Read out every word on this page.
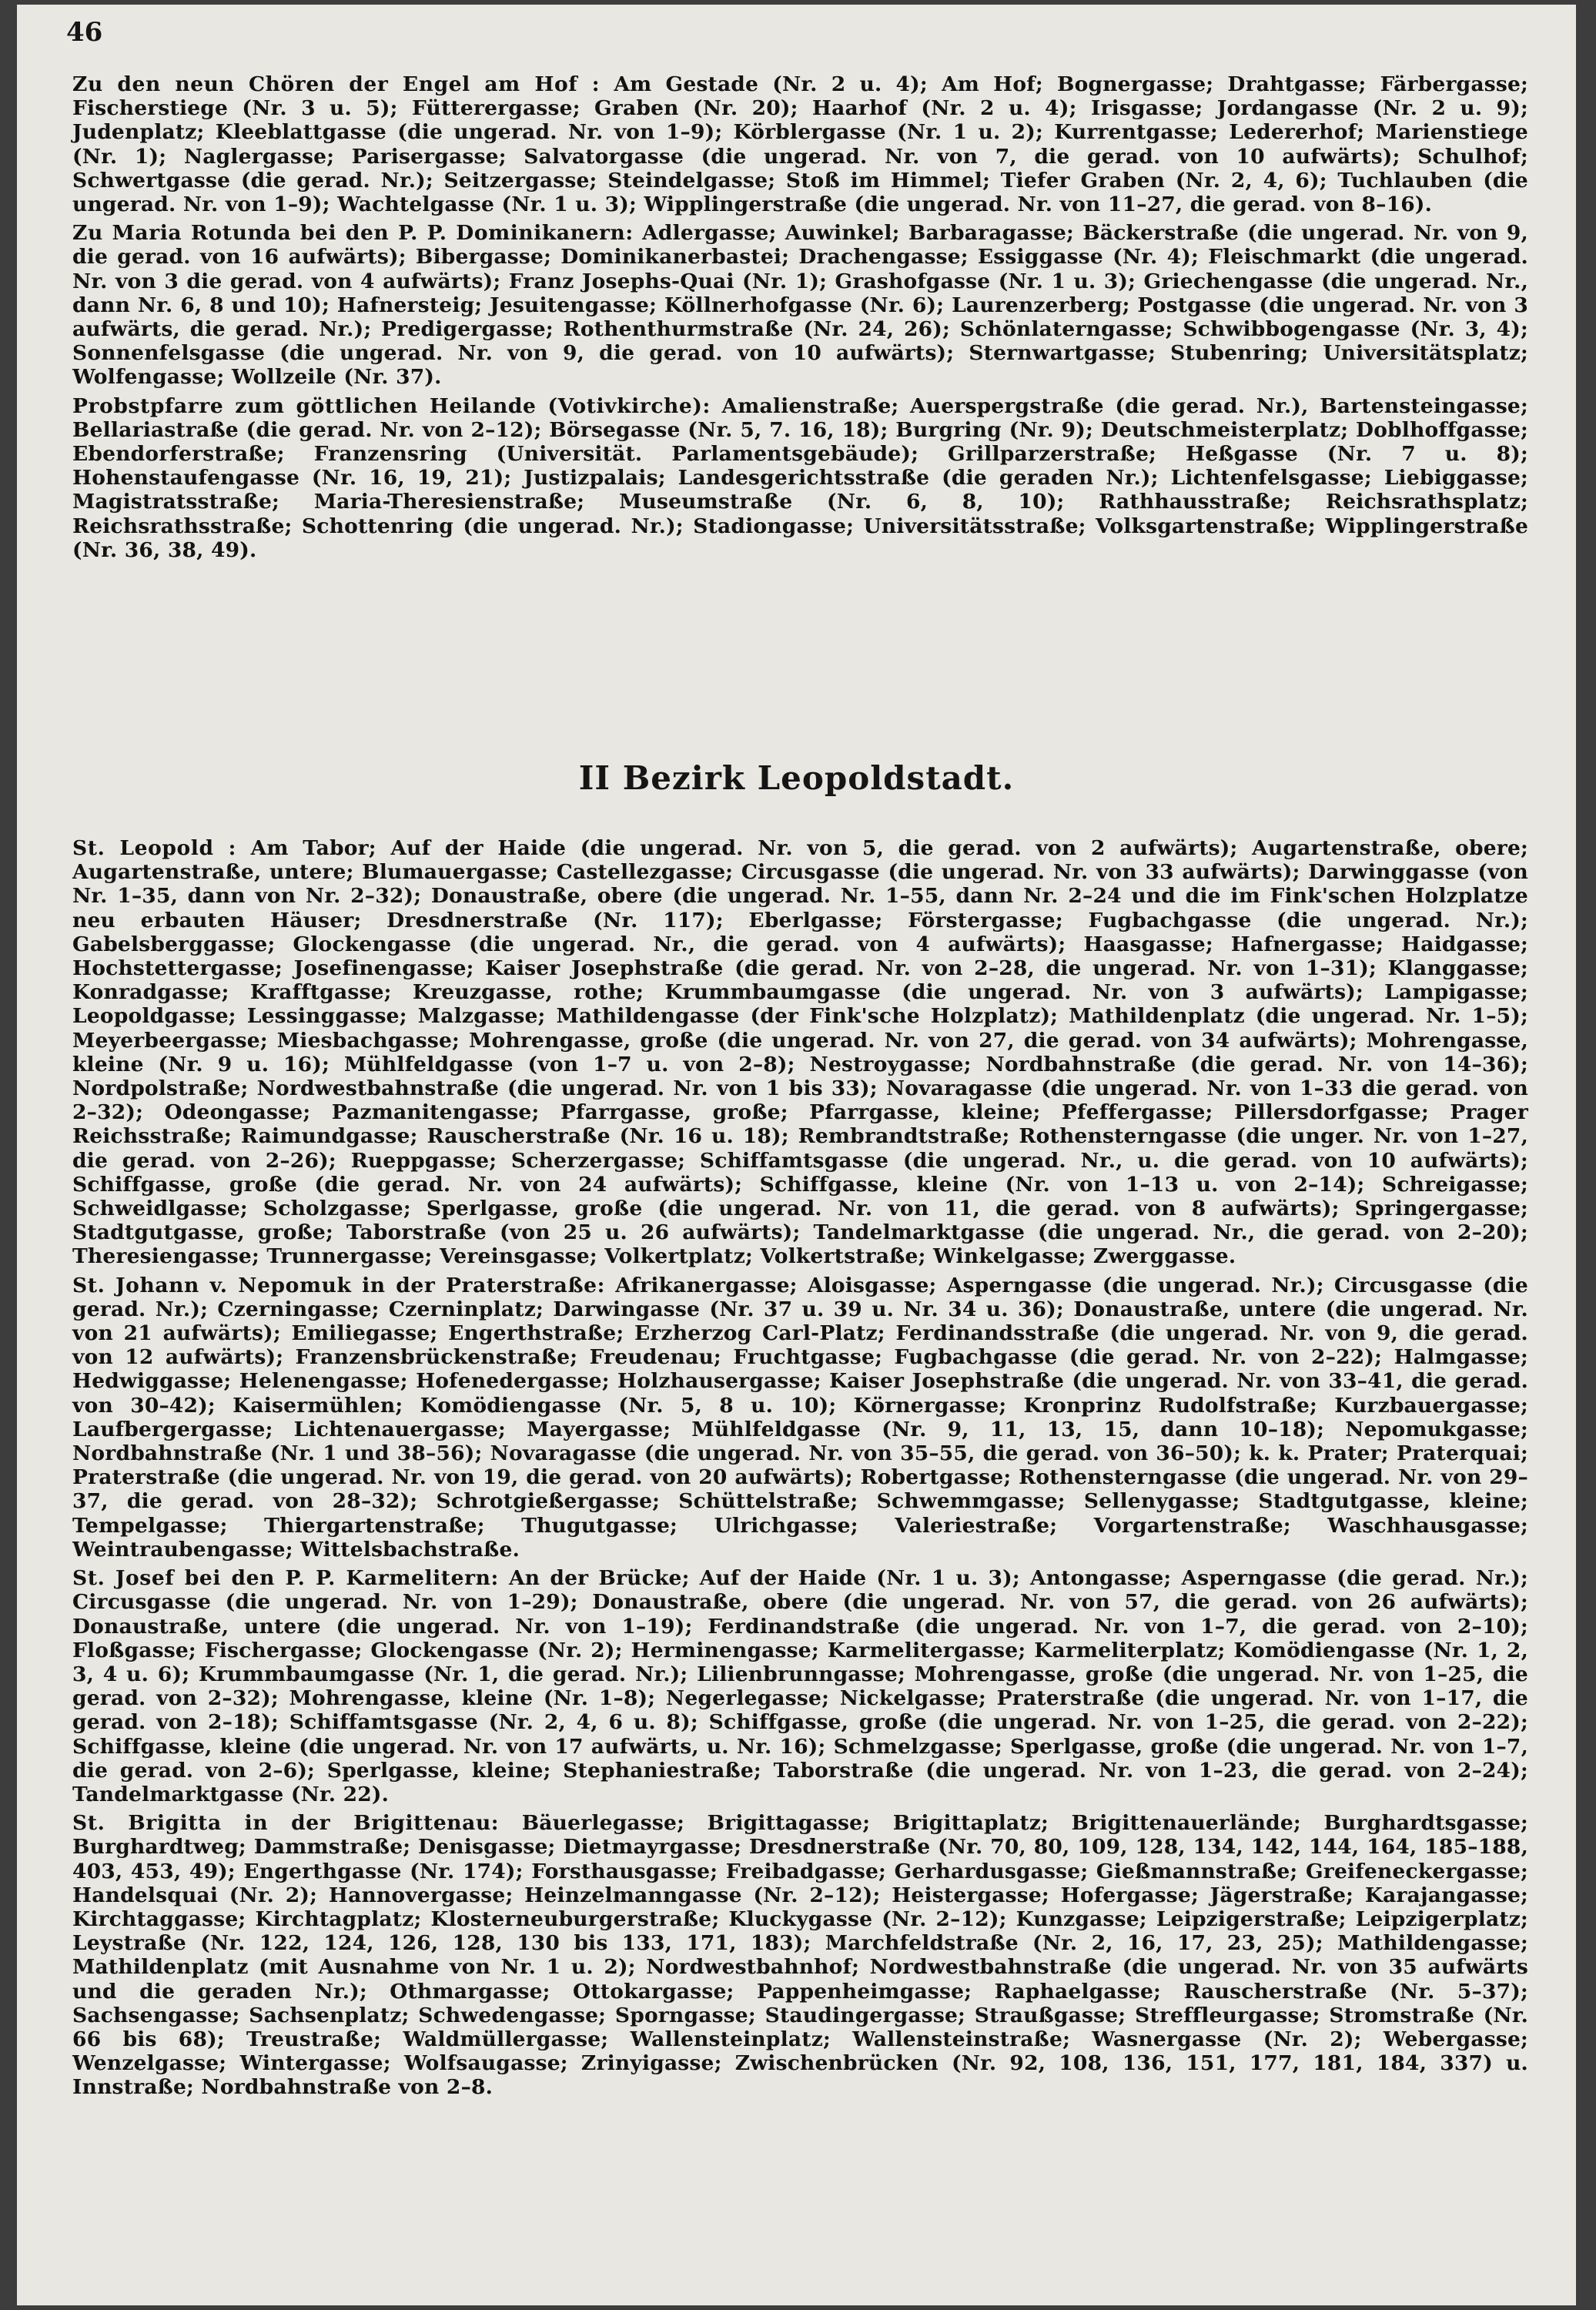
46

Zu den neun Chören der Engel am Hof : Am Gestade (Nr. 2 u. 4); Am Hof; Bognergasse; Drahtgasse; Färbergasse; Fischerstiege (Nr. 3 u. 5); Fütterergasse; Graben (Nr. 20); Haarhof (Nr. 2 u. 4); Irisgasse; Jordangasse (Nr. 2 u. 9); Judenplatz; Kleeblattgasse (die ungerad. Nr. von 1–9); Körblergasse (Nr. 1 u. 2); Kurrentgasse; Ledererhof; Marienstiege (Nr. 1); Naglergasse; Parisergasse; Salvatorgasse (die ungerad. Nr. von 7, die gerad. von 10 aufwärts); Schulhof; Schwertgasse (die gerad. Nr.); Seitzergasse; Steindelgasse; Stoß im Himmel; Tiefer Graben (Nr. 2, 4, 6); Tuchlauben (die ungerad. Nr. von 1–9); Wachtelgasse (Nr. 1 u. 3); Wipplingerstraße (die ungerad. Nr. von 11–27, die gerad. von 8–16).

Zu Maria Rotunda bei den P. P. Dominikanern: Adlergasse; Auwinkel; Barbaragasse; Bäckerstraße (die ungerad. Nr. von 9, die gerad. von 16 aufwärts); Bibergasse; Dominikanerbastei; Drachengasse; Essiggasse (Nr. 4); Fleischmarkt (die ungerad. Nr. von 3 die gerad. von 4 aufwärts); Franz Josephs-Quai (Nr. 1); Grashofgasse (Nr. 1 u. 3); Griechengasse (die ungerad. Nr., dann Nr. 6, 8 und 10); Hafnersteig; Jesuitengasse; Köllnerhofgasse (Nr. 6); Laurenzerberg; Postgasse (die ungerad. Nr. von 3 aufwärts, die gerad. Nr.); Predigergasse; Rothenthurmstraße (Nr. 24, 26); Schönlaterngasse; Schwibbogengasse (Nr. 3, 4); Sonnenfelsgasse (die ungerad. Nr. von 9, die gerad. von 10 aufwärts); Sternwartgasse; Stubenring; Universitätsplatz; Wolfengasse; Wollzeile (Nr. 37).

Probstpfarre zum göttlichen Heilande (Votivkirche): Amalienstraße; Auerspergstraße (die gerad. Nr.), Bartensteingasse; Bellariastraße (die gerad. Nr. von 2–12); Börsegasse (Nr. 5, 7. 16, 18); Burgring (Nr. 9); Deutschmeisterplatz; Doblhoffgasse; Ebendorferstraße; Franzensring (Universität. Parlamentsgebäude); Grillparzerstraße; Heßgasse (Nr. 7 u. 8); Hohenstaufengasse (Nr. 16, 19, 21); Justizpalais; Landesgerichtsstraße (die geraden Nr.); Lichtenfelsgasse; Liebiggasse; Magistratsstraße; Maria-Theresienstraße; Museumstraße (Nr. 6, 8, 10); Rathhausstraße; Reichsrathsplatz; Reichsrathsstraße; Schottenring (die ungerad. Nr.); Stadiongasse; Universitätsstraße; Volksgartenstraße; Wipplingerstraße (Nr. 36, 38, 49).

II Bezirk Leopoldstadt.

St. Leopold : Am Tabor; Auf der Haide (die ungerad. Nr. von 5, die gerad. von 2 aufwärts); Augartenstraße, obere; Augartenstraße, untere; Blumauergasse; Castellezgasse; Circusgasse (die ungerad. Nr. von 33 aufwärts); Darwinggasse (von Nr. 1–35, dann von Nr. 2–32); Donaustraße, obere (die ungerad. Nr. 1–55, dann Nr. 2–24 und die im Fink'schen Holzplatze neu erbauten Häuser; Dresdnerstraße (Nr. 117); Eberlgasse; Förstergasse; Fugbachgasse (die ungerad. Nr.); Gabelsberggasse; Glockengasse (die ungerad. Nr., die gerad. von 4 aufwärts); Haasgasse; Hafnergasse; Haidgasse; Hochstettergasse; Josefinengasse; Kaiser Josephstraße (die gerad. Nr. von 2–28, die ungerad. Nr. von 1–31); Klanggasse; Konradgasse; Krafftgasse; Kreuzgasse, rothe; Krummbaumgasse (die ungerad. Nr. von 3 aufwärts); Lampigasse; Leopoldgasse; Lessinggasse; Malzgasse; Mathildengasse (der Fink'sche Holzplatz); Mathildenplatz (die ungerad. Nr. 1–5); Meyerbeergasse; Miesbachgasse; Mohrengasse, große (die ungerad. Nr. von 27, die gerad. von 34 aufwärts); Mohrengasse, kleine (Nr. 9 u. 16); Mühlfeldgasse (von 1–7 u. von 2–8); Nestroygasse; Nordbahnstraße (die gerad. Nr. von 14–36); Nordpolstraße; Nordwestbahnstraße (die ungerad. Nr. von 1 bis 33); Novaragasse (die ungerad. Nr. von 1–33 die gerad. von 2–32); Odeongasse; Pazmanitengasse; Pfarrgasse, große; Pfarrgasse, kleine; Pfeffergasse; Pillersdorfgasse; Prager Reichsstraße; Raimundgasse; Rauscherstraße (Nr. 16 u. 18); Rembrandtstraße; Rothensterngasse (die unger. Nr. von 1–27, die gerad. von 2–26); Rueppgasse; Scherzergasse; Schiffamtsgasse (die ungerad. Nr., u. die gerad. von 10 aufwärts); Schiffgasse, große (die gerad. Nr. von 24 aufwärts); Schiffgasse, kleine (Nr. von 1–13 u. von 2–14); Schreigasse; Schweidlgasse; Scholzgasse; Sperlgasse, große (die ungerad. Nr. von 11, die gerad. von 8 aufwärts); Springergasse; Stadtgutgasse, große; Taborstraße (von 25 u. 26 aufwärts); Tandelmarktgasse (die ungerad. Nr., die gerad. von 2–20); Theresiengasse; Trunnergasse; Vereinsgasse; Volkertplatz; Volkertstraße; Winkelgasse; Zwerggasse.

St. Johann v. Nepomuk in der Praterstraße: Afrikanergasse; Aloisgasse; Asperngasse (die ungerad. Nr.); Circusgasse (die gerad. Nr.); Czerningasse; Czerninplatz; Darwingasse (Nr. 37 u. 39 u. Nr. 34 u. 36); Donaustraße, untere (die ungerad. Nr. von 21 aufwärts); Emiliegasse; Engerthstraße; Erzherzog Carl-Platz; Ferdinandsstraße (die ungerad. Nr. von 9, die gerad. von 12 aufwärts); Franzensbrückenstraße; Freudenau; Fruchtgasse; Fugbachgasse (die gerad. Nr. von 2–22); Halmgasse; Hedwiggasse; Helenengasse; Hofenedergasse; Holzhausergasse; Kaiser Josephstraße (die ungerad. Nr. von 33–41, die gerad. von 30–42); Kaisermühlen; Komödiengasse (Nr. 5, 8 u. 10); Körnergasse; Kronprinz Rudolfstraße; Kurzbauergasse; Laufbergergasse; Lichtenauergasse; Mayergasse; Mühlfeldgasse (Nr. 9, 11, 13, 15, dann 10–18); Nepomukgasse; Nordbahnstraße (Nr. 1 und 38–56); Novaragasse (die ungerad. Nr. von 35–55, die gerad. von 36–50); k. k. Prater; Praterquai; Praterstraße (die ungerad. Nr. von 19, die gerad. von 20 aufwärts); Robertgasse; Rothensterngasse (die ungerad. Nr. von 29–37, die gerad. von 28–32); Schrotgießergasse; Schüttelstraße; Schwemmgasse; Sellenygasse; Stadtgutgasse, kleine; Tempelgasse; Thiergartenstraße; Thugutgasse; Ulrichgasse; Valeriestraße; Vorgartenstraße; Waschhausgasse; Weintraubengasse; Wittelsbachstraße.

St. Josef bei den P. P. Karmelitern: An der Brücke; Auf der Haide (Nr. 1 u. 3); Antongasse; Asperngasse (die gerad. Nr.); Circusgasse (die ungerad. Nr. von 1–29); Donaustraße, obere (die ungerad. Nr. von 57, die gerad. von 26 aufwärts); Donaustraße, untere (die ungerad. Nr. von 1–19); Ferdinandstraße (die ungerad. Nr. von 1–7, die gerad. von 2–10); Floßgasse; Fischergasse; Glockengasse (Nr. 2); Herminengasse; Karmelitergasse; Karmeliterplatz; Komödiengasse (Nr. 1, 2, 3, 4 u. 6); Krummbaumgasse (Nr. 1, die gerad. Nr.); Lilienbrunngasse; Mohrengasse, große (die ungerad. Nr. von 1–25, die gerad. von 2–32); Mohrengasse, kleine (Nr. 1–8); Negerlegasse; Nickelgasse; Praterstraße (die ungerad. Nr. von 1–17, die gerad. von 2–18); Schiffamtsgasse (Nr. 2, 4, 6 u. 8); Schiffgasse, große (die ungerad. Nr. von 1–25, die gerad. von 2–22); Schiffgasse, kleine (die ungerad. Nr. von 17 aufwärts, u. Nr. 16); Schmelzgasse; Sperlgasse, große (die ungerad. Nr. von 1–7, die gerad. von 2–6); Sperlgasse, kleine; Stephaniestraße; Taborstraße (die ungerad. Nr. von 1–23, die gerad. von 2–24); Tandelmarktgasse (Nr. 22).

St. Brigitta in der Brigittenau: Bäuerlegasse; Brigittagasse; Brigittaplatz; Brigittenauerlände; Burghardtsgasse; Burghardtweg; Dammstraße; Denisgasse; Dietmayrgasse; Dresdnerstraße (Nr. 70, 80, 109, 128, 134, 142, 144, 164, 185–188, 403, 453, 49); Engerthgasse (Nr. 174); Forsthausgasse; Freibadgasse; Gerhardusgasse; Gießmannstraße; Greifeneckergasse; Handelsquai (Nr. 2); Hannovergasse; Heinzelmanngasse (Nr. 2–12); Heistergasse; Hofergasse; Jägerstraße; Karajangasse; Kirchtaggasse; Kirchtagplatz; Klosterneuburgerstraße; Kluckygasse (Nr. 2–12); Kunzgasse; Leipzigerstraße; Leipzigerplatz; Leystraße (Nr. 122, 124, 126, 128, 130 bis 133, 171, 183); Marchfeldstraße (Nr. 2, 16, 17, 23, 25); Mathildengasse; Mathildenplatz (mit Ausnahme von Nr. 1 u. 2); Nordwestbahnhof; Nordwestbahnstraße (die ungerad. Nr. von 35 aufwärts und die geraden Nr.); Othmargasse; Ottokargasse; Pappenheimgasse; Raphaelgasse; Rauscherstraße (Nr. 5–37); Sachsengasse; Sachsenplatz; Schwedengasse; Sporngasse; Staudingergasse; Straußgasse; Streffleurgasse; Stromstraße (Nr. 66 bis 68); Treustraße; Waldmüllergasse; Wallensteinplatz; Wallensteinstraße; Wasnergasse (Nr. 2); Webergasse; Wenzelgasse; Wintergasse; Wolfsaugasse; Zrinyigasse; Zwischenbrücken (Nr. 92, 108, 136, 151, 177, 181, 184, 337) u. Innstraße; Nordbahnstraße von 2–8.
